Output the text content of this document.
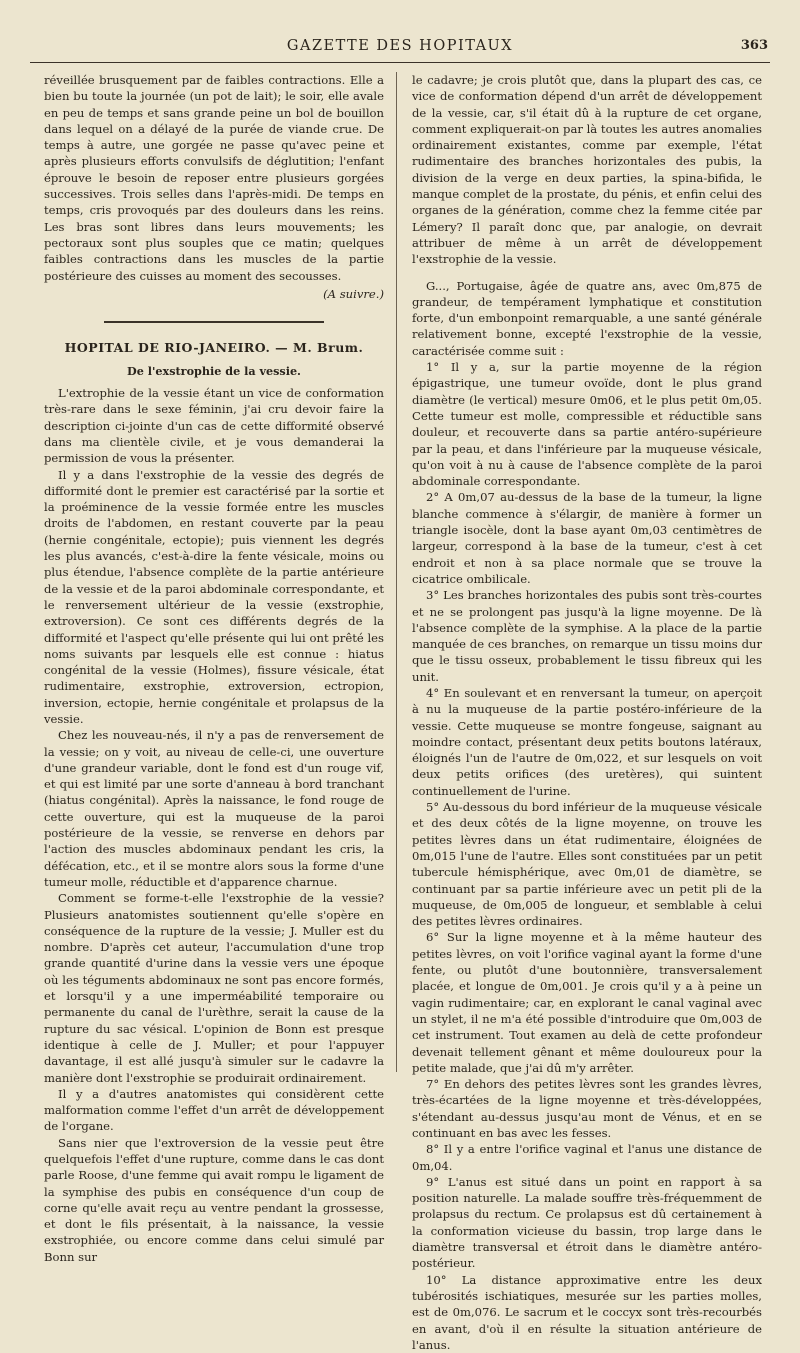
GAZETTE DES HOPITAUX	363

réveillée brusquement par de faibles contractions. Elle a bien bu toute la journée (un pot de lait); le soir, elle avale en peu de temps et sans grande peine un bol de bouillon dans lequel on a délayé de la purée de viande crue. De temps à autre, une gorgée ne passe qu'avec peine et après plusieurs efforts convulsifs de déglutition; l'enfant éprouve le besoin de reposer entre plusieurs gorgées successives. Trois selles dans l'après-midi. De temps en temps, cris provoqués par des douleurs dans les reins. Les bras sont libres dans leurs mouvements; les pectoraux sont plus souples que ce matin; quelques faibles contractions dans les muscles de la partie postérieure des cuisses au moment des secousses.

(A suivre.)

HOPITAL DE RIO-JANEIRO. — M. Brum.
De l'exstrophie de la vessie.

L'extrophie de la vessie étant un vice de conformation très-rare dans le sexe féminin, j'ai cru devoir faire la description ci-jointe d'un cas de cette difformité observé dans ma clientèle civile, et je vous demanderai la permission de vous la présenter.

Il y a dans l'exstrophie de la vessie des degrés de difformité dont le premier est caractérisé par la sortie et la proéminence de la vessie formée entre les muscles droits de l'abdomen, en restant couverte par la peau (hernie congénitale, ectopie); puis viennent les degrés les plus avancés, c'est-à-dire la fente vésicale, moins ou plus étendue, l'absence complète de la partie antérieure de la vessie et de la paroi abdominale correspondante, et le renversement ultérieur de la vessie (exstrophie, extroversion). Ce sont ces différents degrés de la difformité et l'aspect qu'elle présente qui lui ont prêté les noms suivants par lesquels elle est connue : hiatus congénital de la vessie (Holmes), fissure vésicale, état rudimentaire, exstrophie, extroversion, ectropion, inversion, ectopie, hernie congénitale et prolapsus de la vessie.

Chez les nouveau-nés, il n'y a pas de renversement de la vessie; on y voit, au niveau de celle-ci, une ouverture d'une grandeur variable, dont le fond est d'un rouge vif, et qui est limité par une sorte d'anneau à bord tranchant (hiatus congénital). Après la naissance, le fond rouge de cette ouverture, qui est la muqueuse de la paroi postérieure de la vessie, se renverse en dehors par l'action des muscles abdominaux pendant les cris, la défécation, etc., et il se montre alors sous la forme d'une tumeur molle, réductible et d'apparence charnue.

Comment se forme-t-elle l'exstrophie de la vessie? Plusieurs anatomistes soutiennent qu'elle s'opère en conséquence de la rupture de la vessie; J. Muller est du nombre. D'après cet auteur, l'accumulation d'une trop grande quantité d'urine dans la vessie vers une époque où les téguments abdominaux ne sont pas encore formés, et lorsqu'il y a une imperméabilité temporaire ou permanente du canal de l'urèthre, serait la cause de la rupture du sac vésical. L'opinion de Bonn est presque identique à celle de J. Muller; et pour l'appuyer davantage, il est allé jusqu'à simuler sur le cadavre la manière dont l'exstrophie se produirait ordinairement.

Il y a d'autres anatomistes qui considèrent cette malformation comme l'effet d'un arrêt de développement de l'organe.

Sans nier que l'extroversion de la vessie peut être quelquefois l'effet d'une rupture, comme dans le cas dont parle Roose, d'une femme qui avait rompu le ligament de la symphise des pubis en conséquence d'un coup de corne qu'elle avait reçu au ventre pendant la grossesse, et dont le fils présentait, à la naissance, la vessie exstrophiée, ou encore comme dans celui simulé par Bonn sur

le cadavre; je crois plutôt que, dans la plupart des cas, ce vice de conformation dépend d'un arrêt de développement de la vessie, car, s'il était dû à la rupture de cet organe, comment expliquerait-on par là toutes les autres anomalies ordinairement existantes, comme par exemple, l'état rudimentaire des branches horizontales des pubis, la division de la verge en deux parties, la spina-bifida, le manque complet de la prostate, du pénis, et enfin celui des organes de la génération, comme chez la femme citée par Lémery? Il paraît donc que, par analogie, on devrait attribuer de même à un arrêt de développement l'exstrophie de la vessie.

G..., Portugaise, âgée de quatre ans, avec 0m,875 de grandeur, de tempérament lymphatique et constitution forte, d'un embonpoint remarquable, a une santé générale relativement bonne, excepté l'exstrophie de la vessie, caractérisée comme suit :

1° Il y a, sur la partie moyenne de la région épigastrique, une tumeur ovoïde, dont le plus grand diamètre (le vertical) mesure 0m06, et le plus petit 0m,05. Cette tumeur est molle, compressible et réductible sans douleur, et recouverte dans sa partie antéro-supérieure par la peau, et dans l'inférieure par la muqueuse vésicale, qu'on voit à nu à cause de l'absence complète de la paroi abdominale correspondante.

2° A 0m,07 au-dessus de la base de la tumeur, la ligne blanche commence à s'élargir, de manière à former un triangle isocèle, dont la base ayant 0m,03 centimètres de largeur, correspond à la base de la tumeur, c'est à cet endroit et non à sa place normale que se trouve la cicatrice ombilicale.

3° Les branches horizontales des pubis sont très-courtes et ne se prolongent pas jusqu'à la ligne moyenne. De là l'absence complète de la symphise. A la place de la partie manquée de ces branches, on remarque un tissu moins dur que le tissu osseux, probablement le tissu fibreux qui les unit.

4° En soulevant et en renversant la tumeur, on aperçoit à nu la muqueuse de la partie postéro-inférieure de la vessie. Cette muqueuse se montre fongeuse, saignant au moindre contact, présentant deux petits boutons latéraux, éloignés l'un de l'autre de 0m,022, et sur lesquels on voit deux petits orifices (des uretères), qui suintent continuellement de l'urine.

5° Au-dessous du bord inférieur de la muqueuse vésicale et des deux côtés de la ligne moyenne, on trouve les petites lèvres dans un état rudimentaire, éloignées de 0m,015 l'une de l'autre. Elles sont constituées par un petit tubercule hémisphérique, avec 0m,01 de diamètre, se continuant par sa partie inférieure avec un petit pli de la muqueuse, de 0m,005 de longueur, et semblable à celui des petites lèvres ordinaires.

6° Sur la ligne moyenne et à la même hauteur des petites lèvres, on voit l'orifice vaginal ayant la forme d'une fente, ou plutôt d'une boutonnière, transversalement placée, et longue de 0m,001. Je crois qu'il y a à peine un vagin rudimentaire; car, en explorant le canal vaginal avec un stylet, il ne m'a été possible d'introduire que 0m,003 de cet instrument. Tout examen au delà de cette profondeur devenait tellement gênant et même douloureux pour la petite malade, que j'ai dû m'y arrêter.

7° En dehors des petites lèvres sont les grandes lèvres, très-écartées de la ligne moyenne et très-développées, s'étendant au-dessus jusqu'au mont de Vénus, et en se continuant en bas avec les fesses.

8° Il y a entre l'orifice vaginal et l'anus une distance de 0m,04.

9° L'anus est situé dans un point en rapport à sa position naturelle. La malade souffre très-fréquemment de prolapsus du rectum. Ce prolapsus est dû certainement à la conformation vicieuse du bassin, trop large dans le diamètre transversal et étroit dans le diamètre antéro-postérieur.

10° La distance approximative entre les deux tubérosités ischiatiques, mesurée sur les parties molles, est de 0m,076. Le sacrum et le coccyx sont très-recourbés en avant, d'où il en résulte la situation antérieure de l'anus.
